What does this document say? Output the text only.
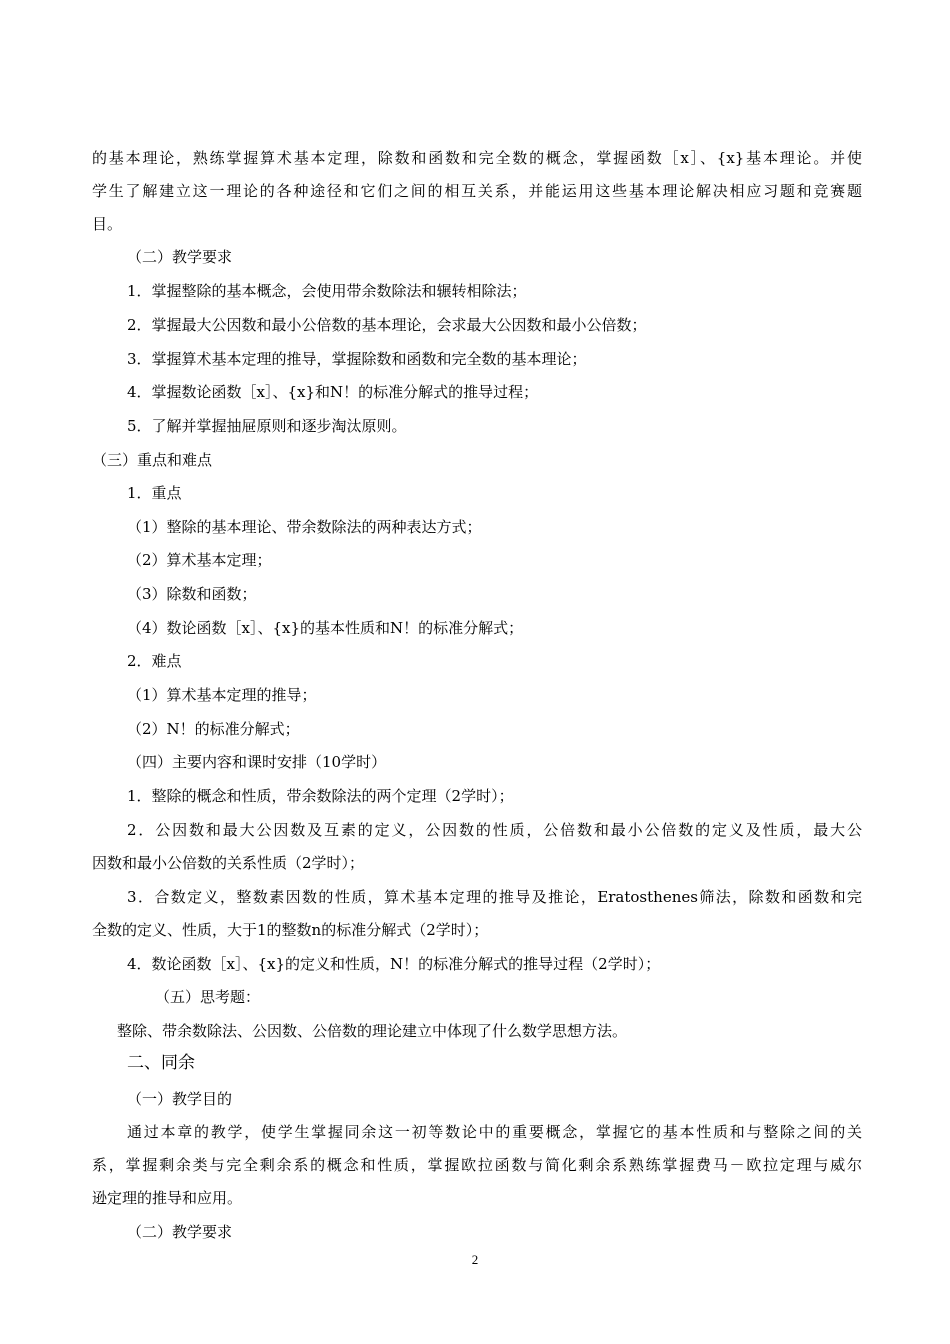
的基本理论，熟练掌握算术基本定理，除数和函数和完全数的概念，掌握函数［x］、{x}基本理论。并使
学生了解建立这一理论的各种途径和它们之间的相互关系，并能运用这些基本理论解决相应习题和竞赛题
目。
（二）教学要求
1．掌握整除的基本概念，会使用带余数除法和辗转相除法；
2．掌握最大公因数和最小公倍数的基本理论，会求最大公因数和最小公倍数；
3．掌握算术基本定理的推导，掌握除数和函数和完全数的基本理论；
4．掌握数论函数［x］、{x}和N！的标准分解式的推导过程；
5．了解并掌握抽屉原则和逐步淘汰原则。
（三）重点和难点
1．重点
（1）整除的基本理论、带余数除法的两种表达方式；
（2）算术基本定理；
（3）除数和函数；
（4）数论函数［x］、{x}的基本性质和N！的标准分解式；
2．难点
（1）算术基本定理的推导；
（2）N！的标准分解式；
（四）主要内容和课时安排（10学时）
1．整除的概念和性质，带余数除法的两个定理（2学时）；
2．公因数和最大公因数及互素的定义，公因数的性质，公倍数和最小公倍数的定义及性质，最大公
因数和最小公倍数的关系性质（2学时）；
3．合数定义，整数素因数的性质，算术基本定理的推导及推论，Eratosthenes筛法，除数和函数和完
全数的定义、性质，大于1的整数n的标准分解式（2学时）；
4．数论函数［x］、{x}的定义和性质，N！的标准分解式的推导过程（2学时）；
（五）思考题：
整除、带余数除法、公因数、公倍数的理论建立中体现了什么数学思想方法。
二、同余
（一）教学目的
通过本章的教学，使学生掌握同余这一初等数论中的重要概念，掌握它的基本性质和与整除之间的关
系，掌握剩余类与完全剩余系的概念和性质，掌握欧拉函数与简化剩余系熟练掌握费马－欧拉定理与威尔
逊定理的推导和应用。
（二）教学要求
2
